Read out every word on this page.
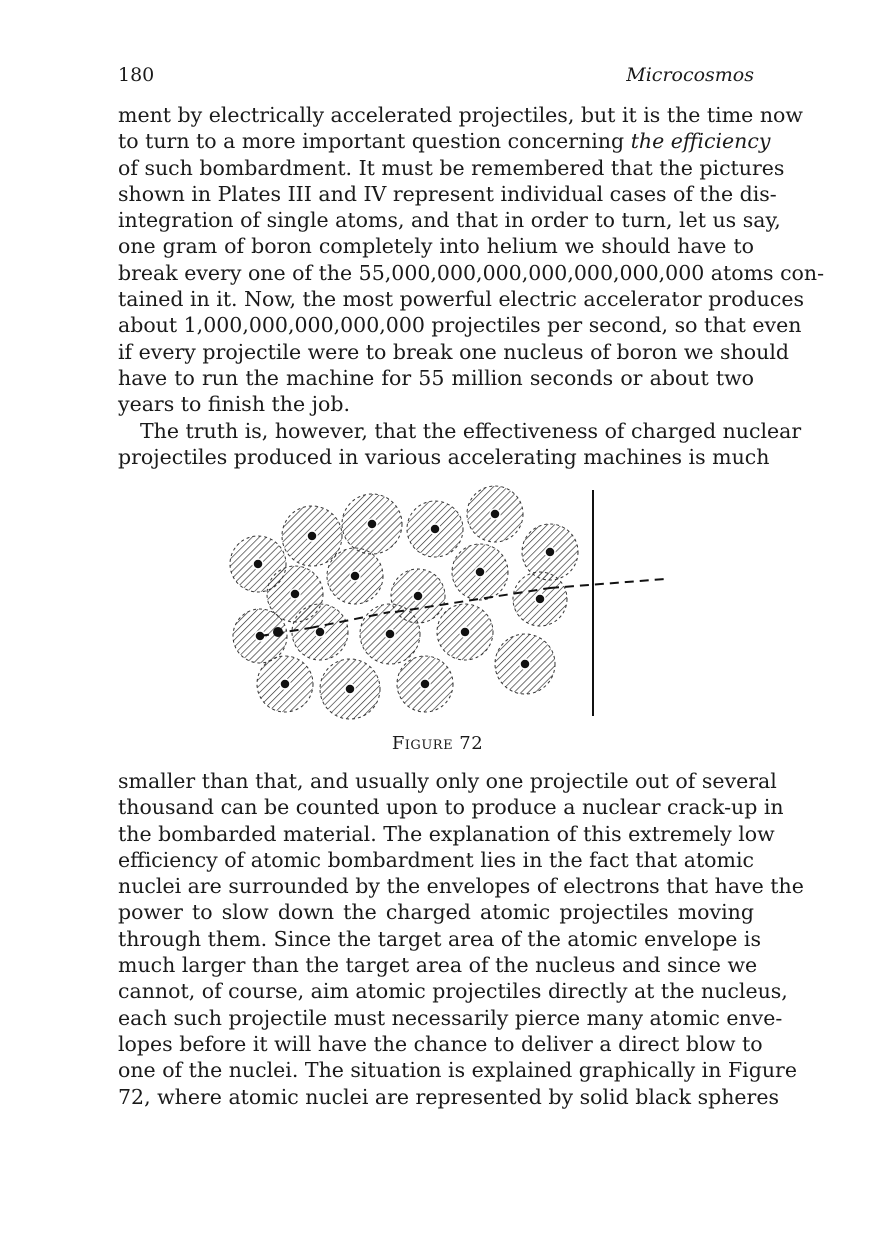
180	Microcosmos

ment by electrically accelerated projectiles, but it is the time now
to turn to a more important question concerning the efficiency
of such bombardment. It must be remembered that the pictures
shown in Plates III and IV represent individual cases of the dis-
integration of single atoms, and that in order to turn, let us say,
one gram of boron completely into helium we should have to
break every one of the 55,000,000,000,000,000,000,000 atoms con-
tained in it. Now, the most powerful electric accelerator produces
about 1,000,000,000,000,000 projectiles per second, so that even
if every projectile were to break one nucleus of boron we should
have to run the machine for 55 million seconds or about two
years to finish the job.

The truth is, however, that the effectiveness of charged nuclear
projectiles produced in various accelerating machines is much

Figure 72

smaller than that, and usually only one projectile out of several
thousand can be counted upon to produce a nuclear crack-up in
the bombarded material. The explanation of this extremely low
efficiency of atomic bombardment lies in the fact that atomic
nuclei are surrounded by the envelopes of electrons that have the
power to slow down the charged atomic projectiles moving
through them. Since the target area of the atomic envelope is
much larger than the target area of the nucleus and since we
cannot, of course, aim atomic projectiles directly at the nucleus,
each such projectile must necessarily pierce many atomic enve-
lopes before it will have the chance to deliver a direct blow to
one of the nuclei. The situation is explained graphically in Figure
72, where atomic nuclei are represented by solid black spheres
